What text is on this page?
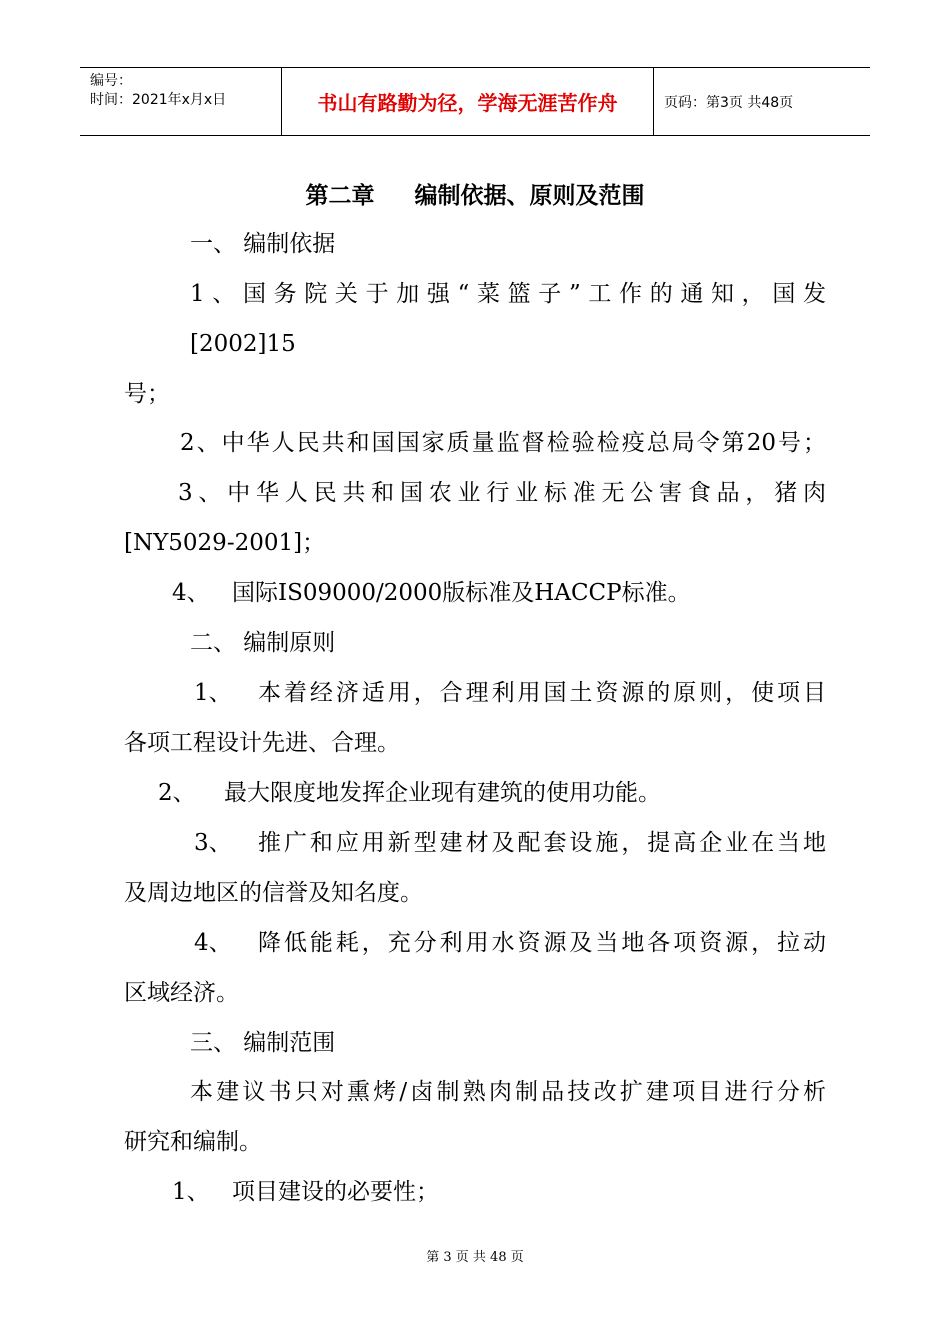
编号：
时间：2021年x月x日	书山有路勤为径，学海无涯苦作舟	页码：第3页 共48页
第二章 编制依据、原则及范围
一、 编制依据
1、国务院关于加强“菜篮子”工作的通知，国发
[2002]15
号；
2、中华人民共和国国家质量监督检验检疫总局令第20号；
3、中华人民共和国农业行业标准无公害食品，猪肉
[NY5029-2001]；
4、 国际IS09000/2000版标准及HACCP标准。
二、 编制原则
1、 本着经济适用，合理利用国土资源的原则，使项目
各项工程设计先进、合理。
2、 最大限度地发挥企业现有建筑的使用功能。
3、 推广和应用新型建材及配套设施，提高企业在当地
及周边地区的信誉及知名度。
4、 降低能耗，充分利用水资源及当地各项资源，拉动
区域经济。
三、 编制范围
本建议书只对熏烤/卤制熟肉制品技改扩建项目进行分析
研究和编制。
1、 项目建设的必要性；
第 3 页 共 48 页
